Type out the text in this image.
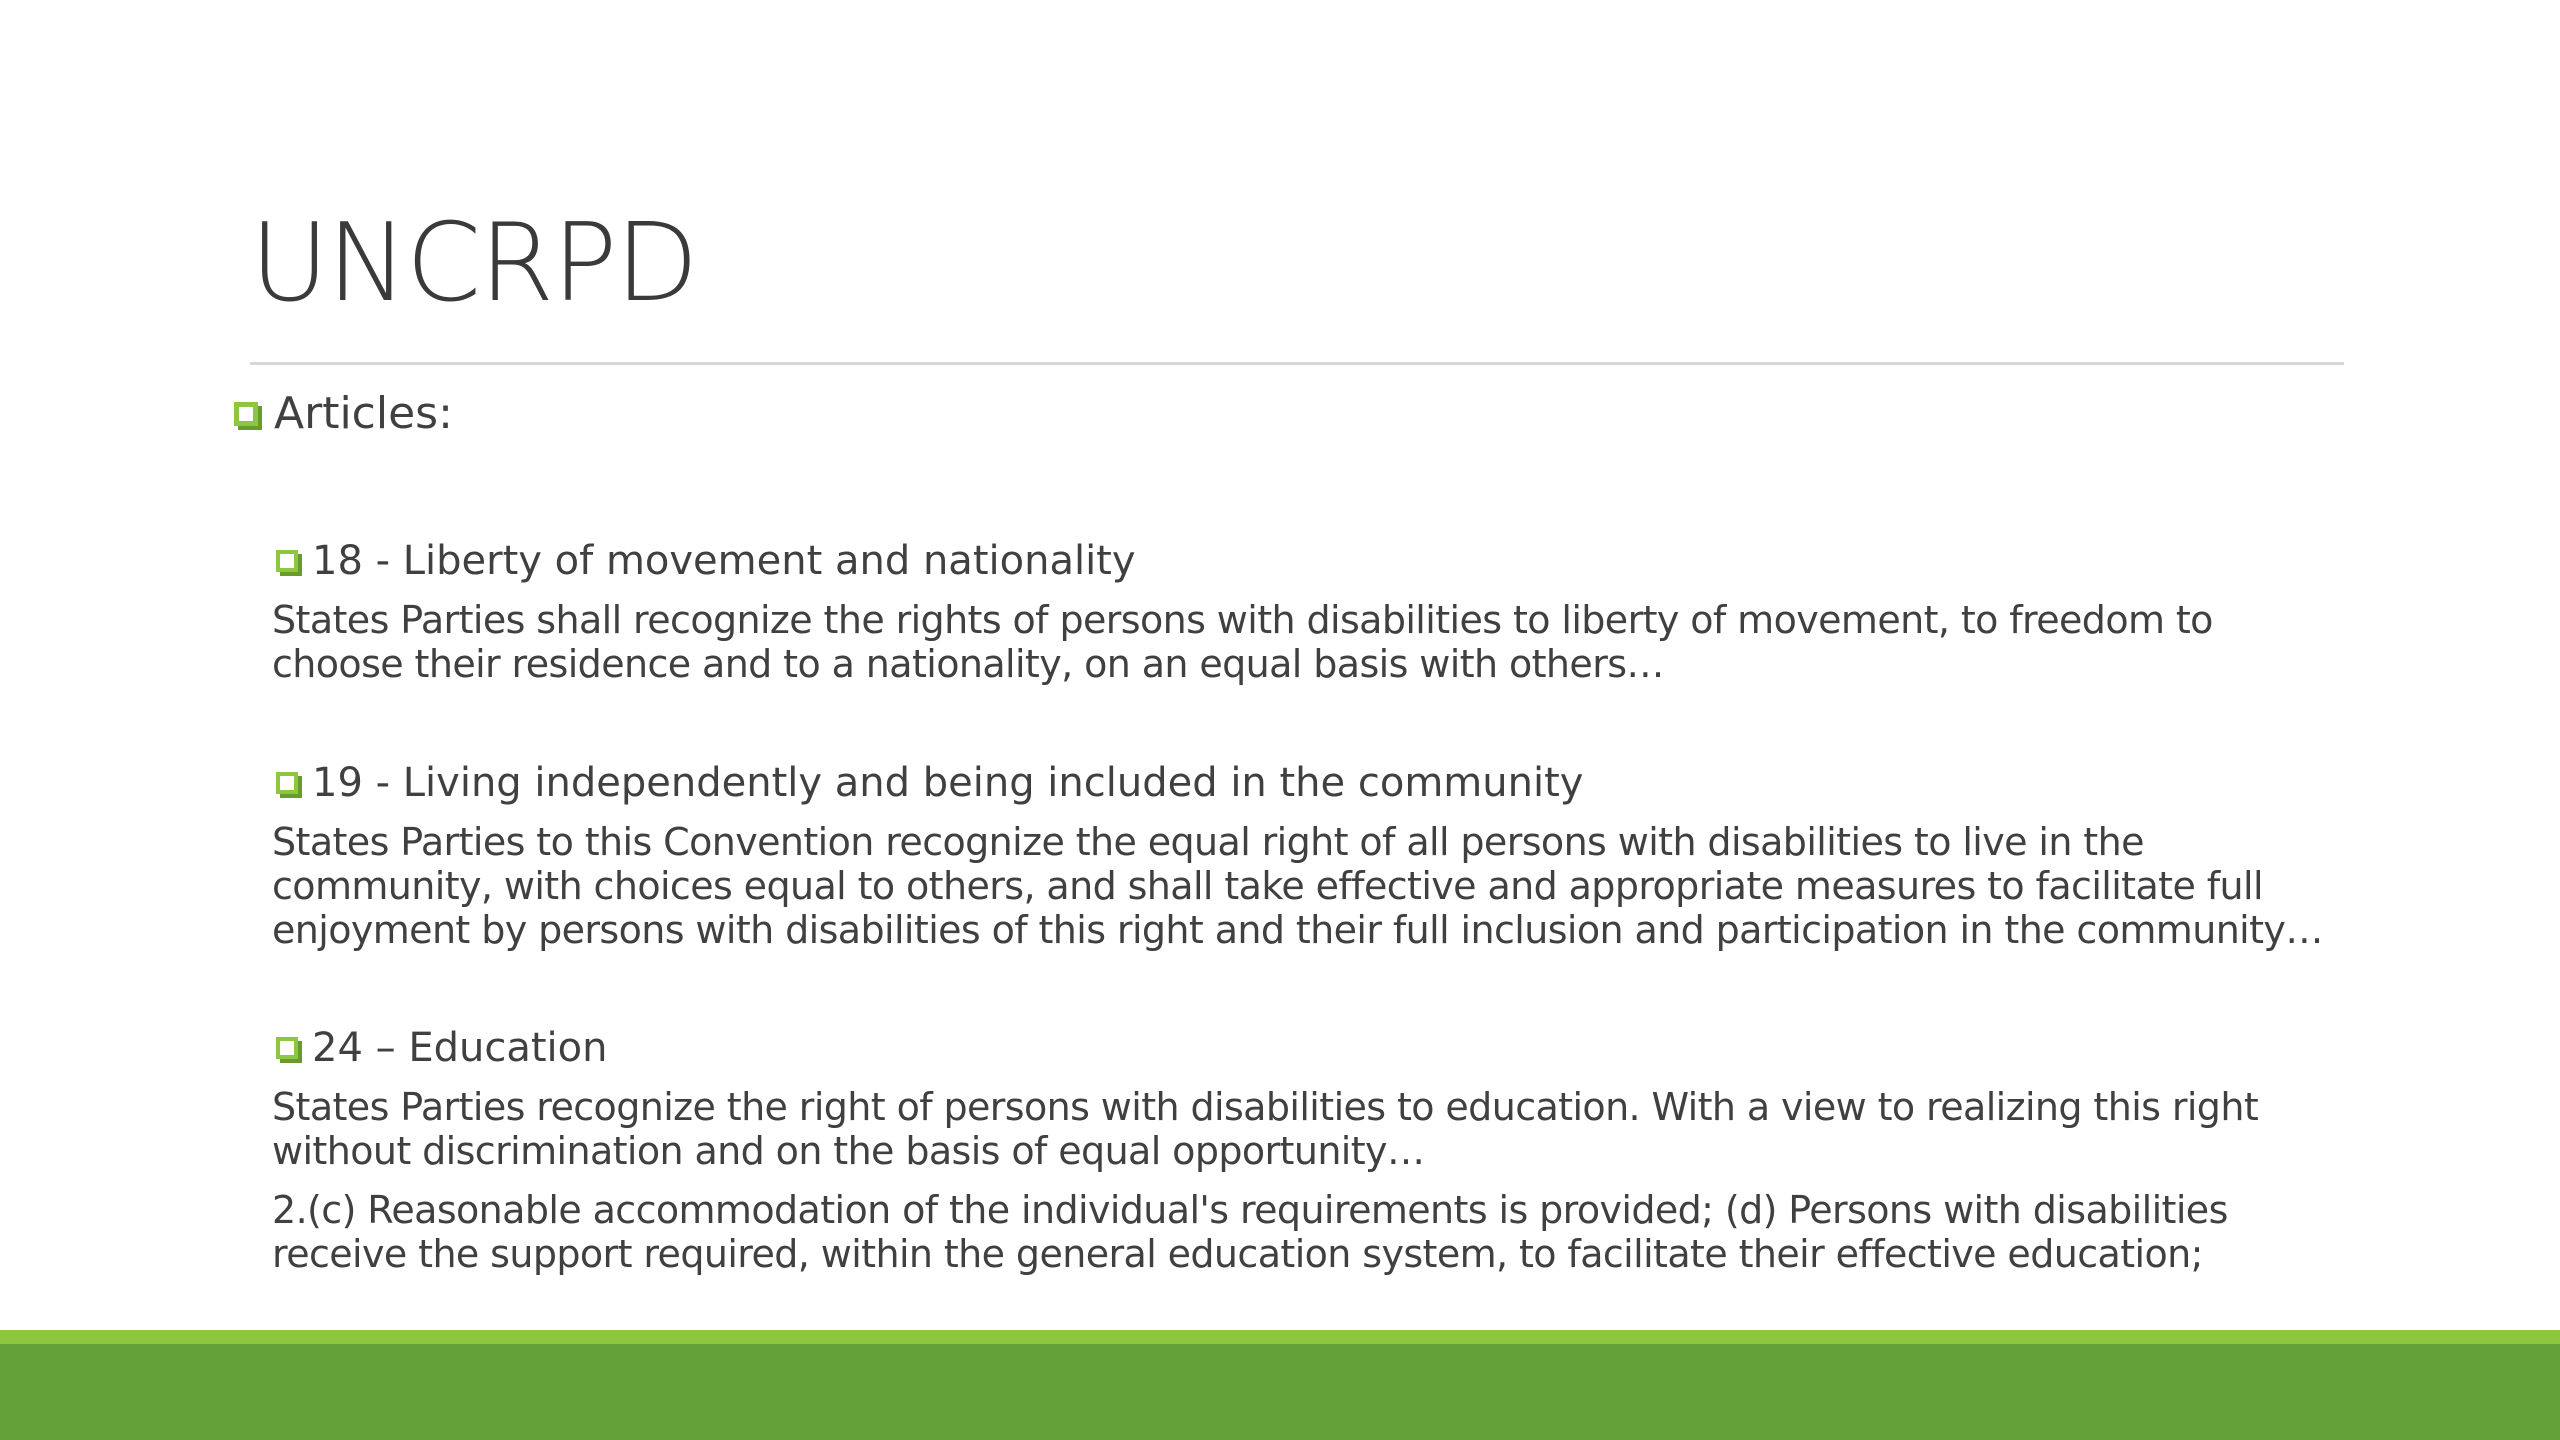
UNCRPD
Articles:
18 - Liberty of movement and nationality
States Parties shall recognize the rights of persons with disabilities to liberty of movement, to freedom to choose their residence and to a nationality, on an equal basis with others…
19 - Living independently and being included in the community
States Parties to this Convention recognize the equal right of all persons with disabilities to live in the community, with choices equal to others, and shall take effective and appropriate measures to facilitate full enjoyment by persons with disabilities of this right and their full inclusion and participation in the community…
24 – Education
States Parties recognize the right of persons with disabilities to education. With a view to realizing this right without discrimination and on the basis of equal opportunity…
2.(c) Reasonable accommodation of the individual's requirements is provided; (d) Persons with disabilities receive the support required, within the general education system, to facilitate their effective education;
